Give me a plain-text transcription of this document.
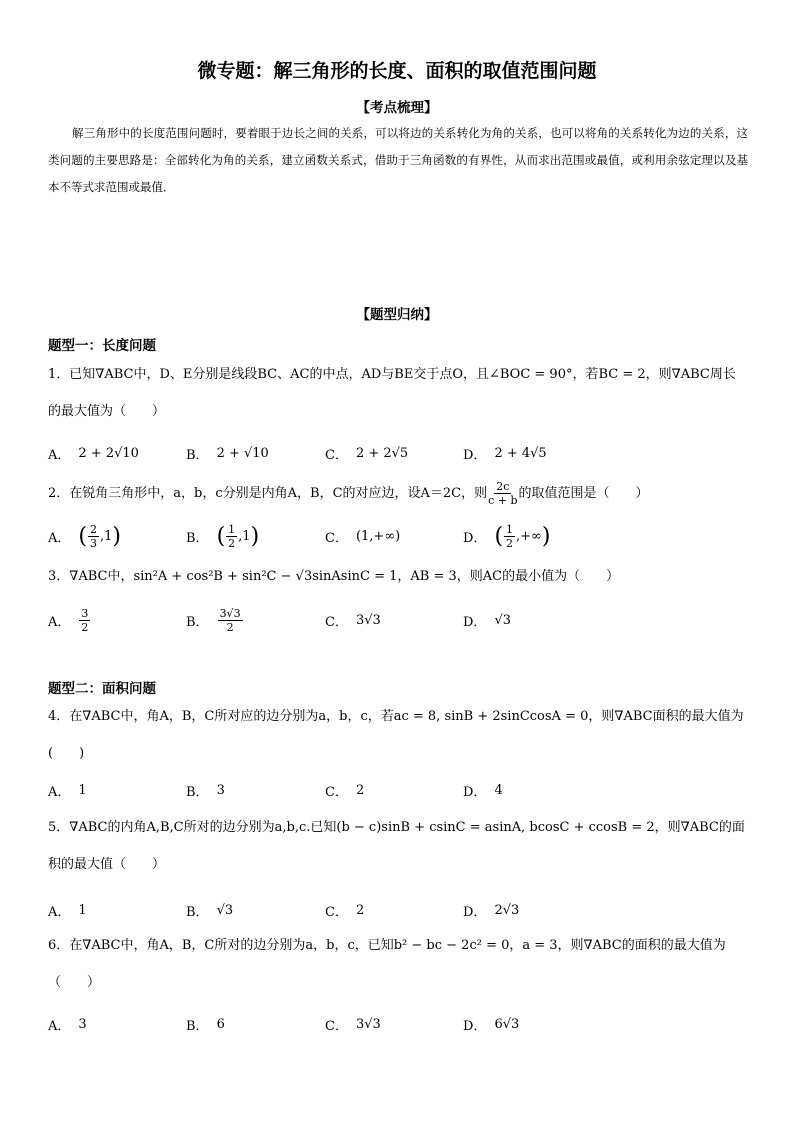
微专题：解三角形的长度、面积的取值范围问题
【考点梳理】
解三角形中的长度范围问题时，要着眼于边长之间的关系，可以将边的关系转化为角的关系，也可以将角的关系转化为边的关系，这类问题的主要思路是：全部转化为角的关系，建立函数关系式，借助于三角函数的有界性，从而求出范围或最值，或利用余弦定理以及基本不等式求范围或最值．
【题型归纳】
题型一：长度问题
1．已知∇ABC中，D、E分别是线段BC、AC的中点，AD与BE交于点O，且∠BOC = 90°，若BC = 2，则∇ABC周长的最大值为（　　）
A． 2 + 2√10	B． 2 + √10	C． 2 + 2√5	D． 2 + 4√5
2．在锐角三角形中，a，b，c分别是内角A，B，C的对应边，设A＝2C，则 $\frac{2c}{c + b}$ 的取值范围是（　　）
A． ( $\frac{2}{3} ,1$ )	B． ( $\frac{1}{2} ,1$ )	C． (1,+∞)	D． ( $\frac{1}{2}$ ,+∞ )
3．∇ABC中，sin²A + cos²B + sin²C − √3sinAsinC = 1，AB = 3，则AC的最小值为（　　）
A． $\frac{3}{2}$	B． $\frac{3√3}{2}$	C． 3√3	D． √3
题型二：面积问题
4．在∇ABC中，角A，B，C所对应的边分别为a，b，c，若ac = 8, sinB + 2sinCcosA = 0，则∇ABC面积的最大值为(　　)
A． 1	B． 3	C． 2	D． 4
5．∇ABC的内角A,B,C所对的边分别为a,b,c.已知(b − c)sinB + csinC = asinA, bcosC + ccosB = 2，则∇ABC的面积的最大值（　　）
A． 1	B． √3	C． 2	D． 2√3
6．在∇ABC中，角A，B，C所对的边分别为a，b，c，已知b² − bc − 2c² = 0，a = 3，则∇ABC的面积的最大值为（　　）
A． 3	B． 6	C． 3√3	D． 6√3
